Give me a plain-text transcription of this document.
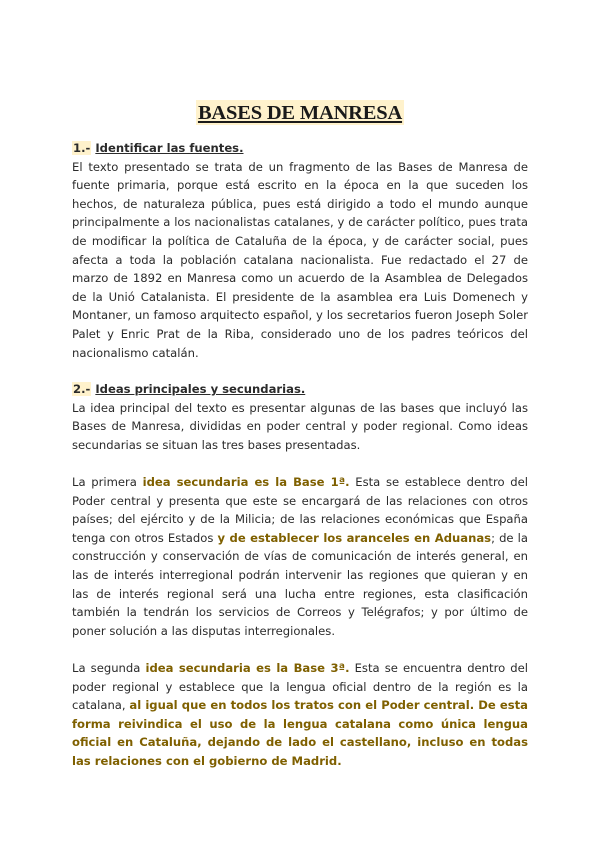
BASES DE MANRESA
1.- Identificar las fuentes.

El texto presentado se trata de un fragmento de las Bases de Manresa de fuente primaria, porque está escrito en la época en la que suceden los hechos, de naturaleza pública, pues está dirigido a todo el mundo aunque principalmente a los nacionalistas catalanes, y de carácter político, pues trata de modificar la política de Cataluña de la época, y de carácter social, pues afecta a toda la población catalana nacionalista. Fue redactado el 27 de marzo de 1892 en Manresa como un acuerdo de la Asamblea de Delegados de la Unió Catalanista. El presidente de la asamblea era Luis Domenech y Montaner, un famoso arquitecto español, y los secretarios fueron Joseph Soler Palet y Enric Prat de la Riba, considerado uno de los padres teóricos del nacionalismo catalán.

2.- Ideas principales y secundarias.

La idea principal del texto es presentar algunas de las bases que incluyó las Bases de Manresa, divididas en poder central y poder regional. Como ideas secundarias se situan las tres bases presentadas.

La primera idea secundaria es la Base 1ª. Esta se establece dentro del Poder central y presenta que este se encargará de las relaciones con otros países; del ejército y de la Milicia; de las relaciones económicas que España tenga con otros Estados y de establecer los aranceles en Aduanas; de la construcción y conservación de vías de comunicación de interés general, en las de interés interregional podrán intervenir las regiones que quieran y en las de interés regional será una lucha entre regiones, esta clasificación también la tendrán los servicios de Correos y Telégrafos; y por último de poner solución a las disputas interregionales.

La segunda idea secundaria es la Base 3ª. Esta se encuentra dentro del poder regional y establece que la lengua oficial dentro de la región es la catalana, al igual que en todos los tratos con el Poder central. De esta forma reivindica el uso de la lengua catalana como única lengua oficial en Cataluña, dejando de lado el castellano, incluso en todas las relaciones con el gobierno de Madrid.
